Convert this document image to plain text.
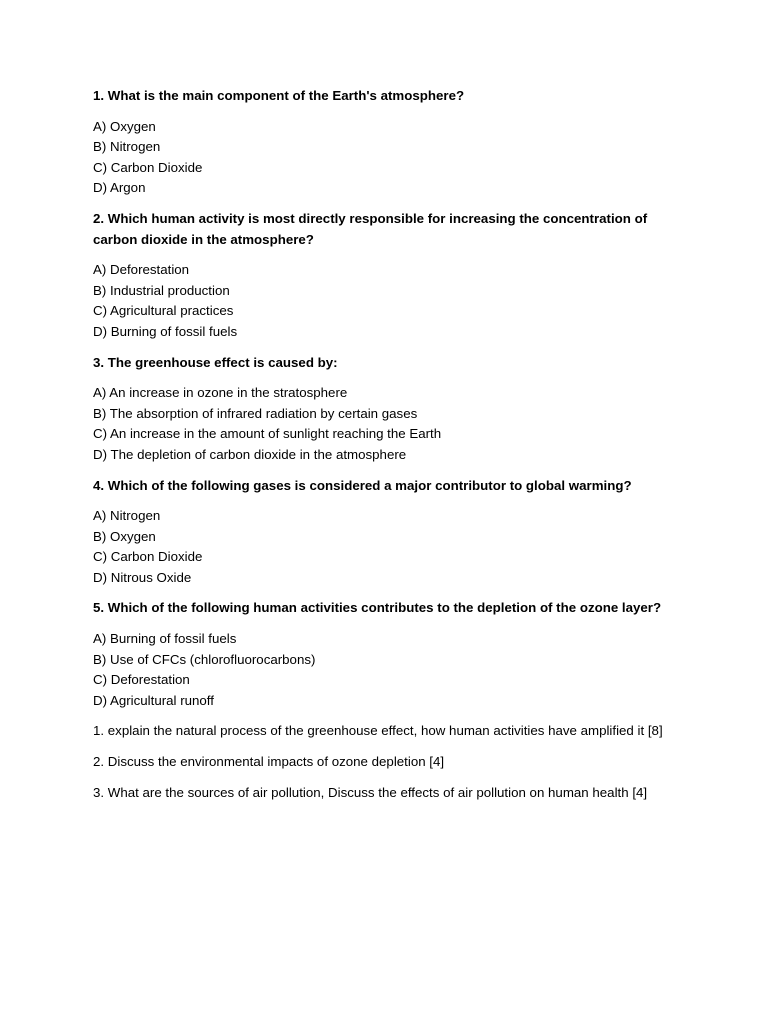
1. What is the main component of the Earth's atmosphere?

A) Oxygen
B) Nitrogen
C) Carbon Dioxide
D) Argon

2. Which human activity is most directly responsible for increasing the concentration of carbon dioxide in the atmosphere?

A) Deforestation
B) Industrial production
C) Agricultural practices
D) Burning of fossil fuels

3. The greenhouse effect is caused by:

A) An increase in ozone in the stratosphere
B) The absorption of infrared radiation by certain gases
C) An increase in the amount of sunlight reaching the Earth
D) The depletion of carbon dioxide in the atmosphere

4. Which of the following gases is considered a major contributor to global warming?

A) Nitrogen
B) Oxygen
C) Carbon Dioxide
D) Nitrous Oxide

5. Which of the following human activities contributes to the depletion of the ozone layer?

A) Burning of fossil fuels
B) Use of CFCs (chlorofluorocarbons)
C) Deforestation
D) Agricultural runoff

1. explain the natural process of the greenhouse effect, how human activities have amplified it [8]

2. Discuss the environmental impacts of ozone depletion [4]

3. What are the sources of air pollution, Discuss the effects of air pollution on human health [4]
